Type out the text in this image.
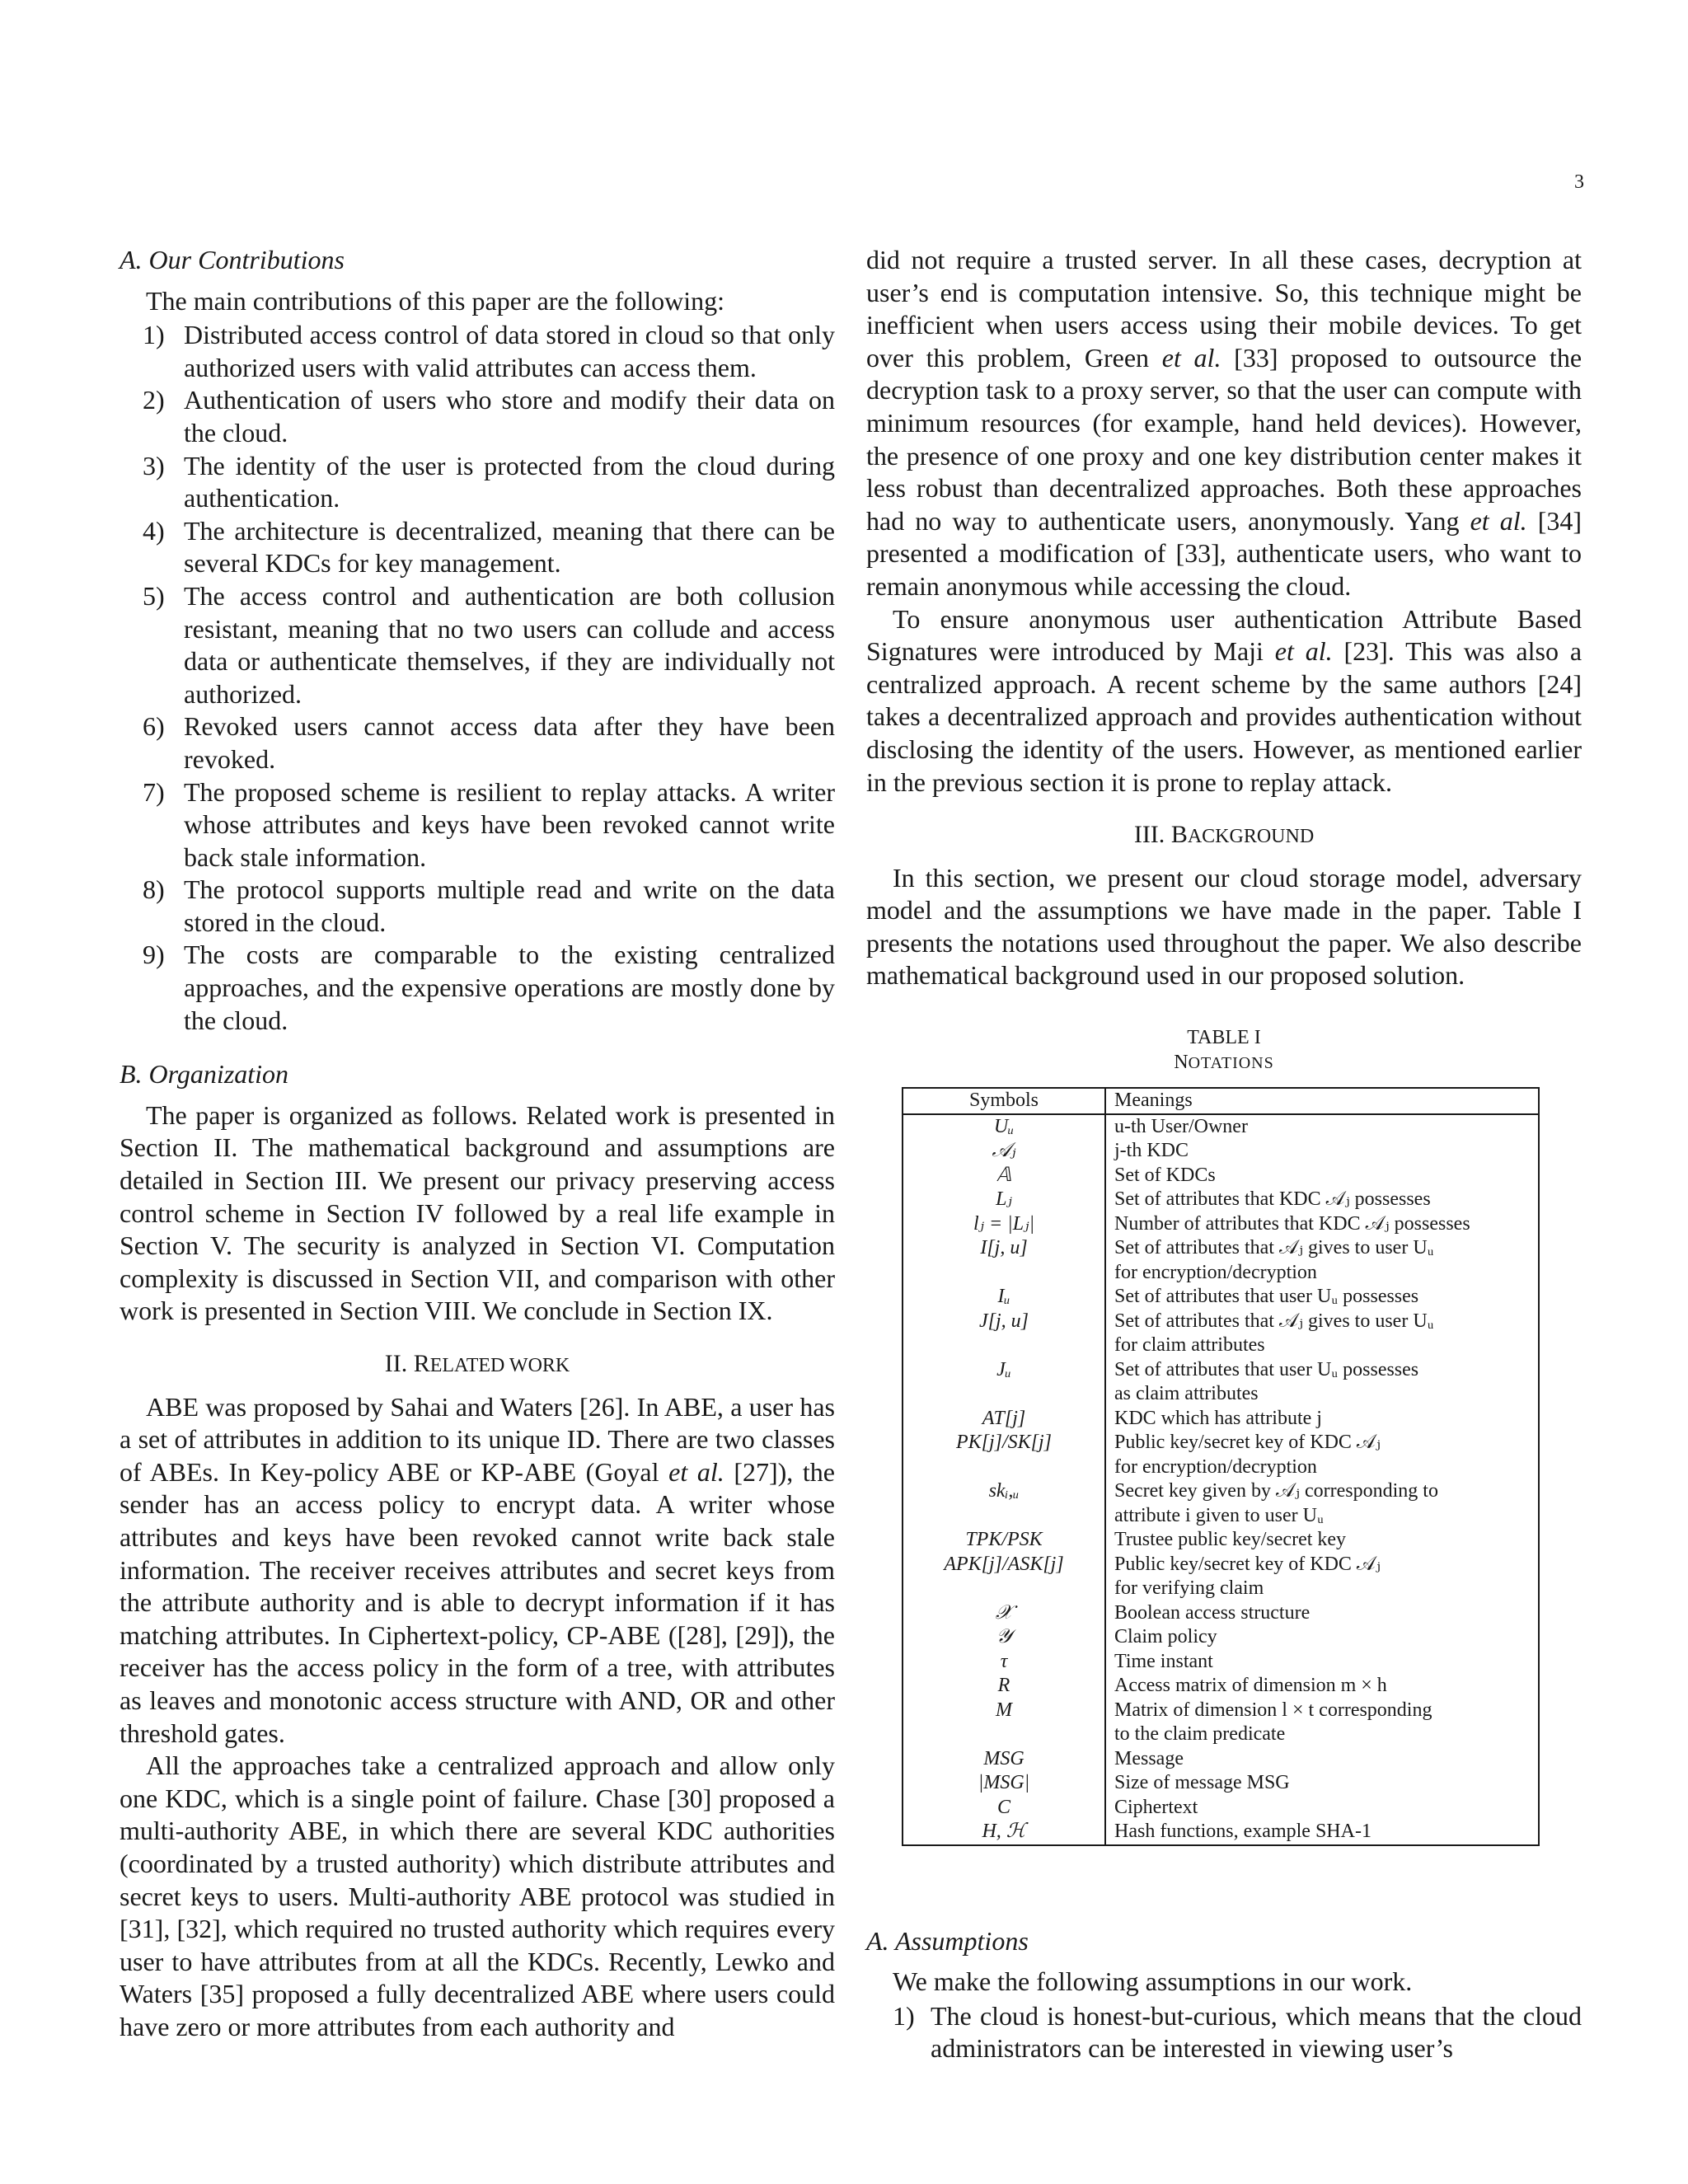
3
A. Our Contributions

The main contributions of this paper are the following:

1) Distributed access control of data stored in cloud so that only authorized users with valid attributes can access them.
2) Authentication of users who store and modify their data on the cloud.
3) The identity of the user is protected from the cloud during authentication.
4) The architecture is decentralized, meaning that there can be several KDCs for key management.
5) The access control and authentication are both collusion resistant, meaning that no two users can collude and access data or authenticate themselves, if they are individually not authorized.
6) Revoked users cannot access data after they have been revoked.
7) The proposed scheme is resilient to replay attacks. A writer whose attributes and keys have been revoked cannot write back stale information.
8) The protocol supports multiple read and write on the data stored in the cloud.
9) The costs are comparable to the existing centralized approaches, and the expensive operations are mostly done by the cloud.
B. Organization

The paper is organized as follows. Related work is presented in Section II. The mathematical background and assumptions are detailed in Section III. We present our privacy preserving access control scheme in Section IV followed by a real life example in Section V. The security is analyzed in Section VI. Computation complexity is discussed in Section VII, and comparison with other work is presented in Section VIII. We conclude in Section IX.

II. RELATED WORK

ABE was proposed by Sahai and Waters [26]. In ABE, a user has a set of attributes in addition to its unique ID. There are two classes of ABEs. In Key-policy ABE or KP-ABE (Goyal et al. [27]), the sender has an access policy to encrypt data. A writer whose attributes and keys have been revoked cannot write back stale information. The receiver receives attributes and secret keys from the attribute authority and is able to decrypt information if it has matching attributes. In Ciphertext-policy, CP-ABE ([28], [29]), the receiver has the access policy in the form of a tree, with attributes as leaves and monotonic access structure with AND, OR and other threshold gates.

All the approaches take a centralized approach and allow only one KDC, which is a single point of failure. Chase [30] proposed a multi-authority ABE, in which there are several KDC authorities (coordinated by a trusted authority) which distribute attributes and secret keys to users. Multi-authority ABE protocol was studied in [31], [32], which required no trusted authority which requires every user to have attributes from at all the KDCs. Recently, Lewko and Waters [35] proposed a fully decentralized ABE where users could have zero or more attributes from each authority and

did not require a trusted server. In all these cases, decryption at user’s end is computation intensive. So, this technique might be inefficient when users access using their mobile devices. To get over this problem, Green et al. [33] proposed to outsource the decryption task to a proxy server, so that the user can compute with minimum resources (for example, hand held devices). However, the presence of one proxy and one key distribution center makes it less robust than decentralized approaches. Both these approaches had no way to authenticate users, anonymously. Yang et al. [34] presented a modification of [33], authenticate users, who want to remain anonymous while accessing the cloud.

To ensure anonymous user authentication Attribute Based Signatures were introduced by Maji et al. [23]. This was also a centralized approach. A recent scheme by the same authors [24] takes a decentralized approach and provides authentication without disclosing the identity of the users. However, as mentioned earlier in the previous section it is prone to replay attack.

III. BACKGROUND

In this section, we present our cloud storage model, adversary model and the assumptions we have made in the paper. Table I presents the notations used throughout the paper. We also describe mathematical background used in our proposed solution.

TABLE I
NOTATIONS
Symbols	Meanings
Uᵤ	u-th User/Owner
𝒜ⱼ	j-th KDC
𝔸	Set of KDCs
Lⱼ	Set of attributes that KDC 𝒜ⱼ possesses
lⱼ = |Lⱼ|	Number of attributes that KDC 𝒜ⱼ possesses
I[j, u]	Set of attributes that 𝒜ⱼ gives to user Uᵤ
for encryption/decryption
Iᵤ	Set of attributes that user Uᵤ possesses
J[j, u]	Set of attributes that 𝒜ⱼ gives to user Uᵤ
for claim attributes
Jᵤ	Set of attributes that user Uᵤ possesses
as claim attributes
AT[j]	KDC which has attribute j
PK[j]/SK[j]	Public key/secret key of KDC 𝒜ⱼ
for encryption/decryption
skᵢ,ᵤ	Secret key given by 𝒜ⱼ corresponding to
attribute i given to user Uᵤ
TPK/PSK	Trustee public key/secret key
APK[j]/ASK[j]	Public key/secret key of KDC 𝒜ⱼ
for verifying claim
𝒳	Boolean access structure
𝒴	Claim policy
τ	Time instant
R	Access matrix of dimension m × h
M	Matrix of dimension l × t corresponding
to the claim predicate
MSG	Message
|MSG|	Size of message MSG
C	Ciphertext
H, ℋ	Hash functions, example SHA-1
A. Assumptions

We make the following assumptions in our work.

1) The cloud is honest-but-curious, which means that the cloud administrators can be interested in viewing user’s
